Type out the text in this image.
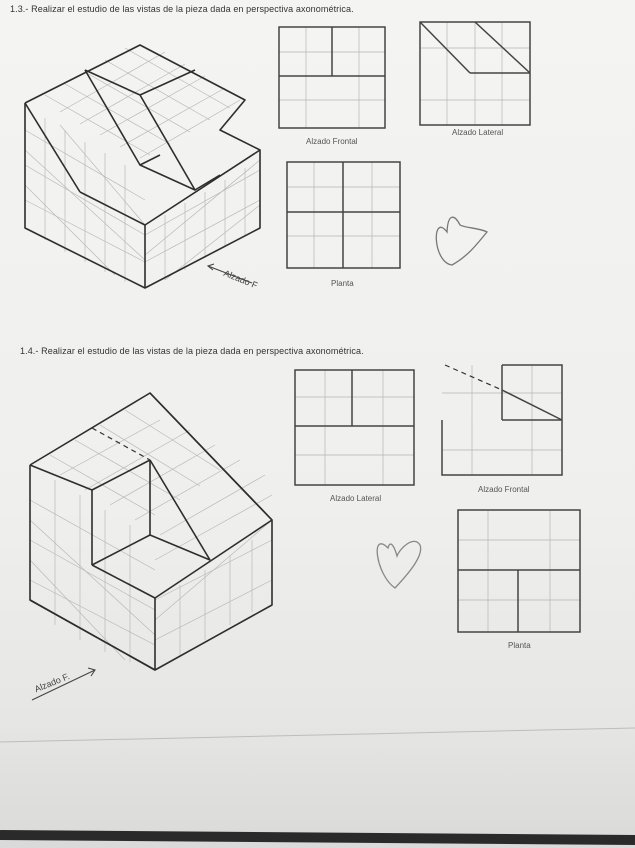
1.3.- Realizar el estudio de las vistas de la pieza dada en perspectiva axonométrica.
Alzado Frontal
Alzado Lateral
Planta
Alzado F
1.4.- Realizar el estudio de las vistas de la pieza dada en perspectiva axonométrica.
Alzado F.
Alzado Lateral
Alzado Frontal
Planta
